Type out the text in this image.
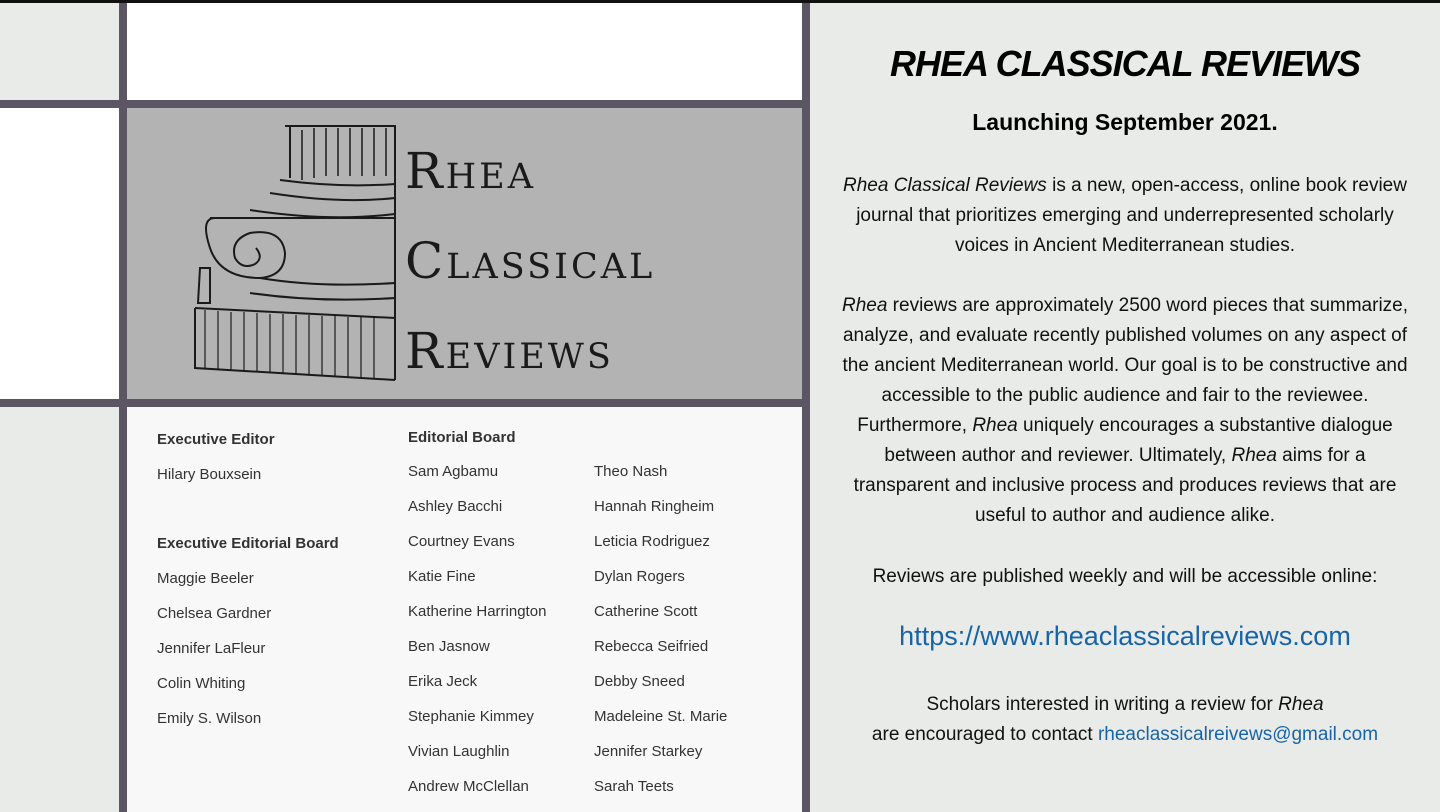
Rhea
Classical
Reviews
Executive Editor
Hilary Bouxsein
Executive Editorial Board
Maggie Beeler
Chelsea Gardner
Jennifer LaFleur
Colin Whiting
Emily S. Wilson
Editorial Board
Sam Agbamu
Ashley Bacchi
Courtney Evans
Katie Fine
Katherine Harrington
Ben Jasnow
Erika Jeck
Stephanie Kimmey
Vivian Laughlin
Andrew McClellan
Theo Nash
Hannah Ringheim
Leticia Rodriguez
Dylan Rogers
Catherine Scott
Rebecca Seifried
Debby Sneed
Madeleine St. Marie
Jennifer Starkey
Sarah Teets
RHEA CLASSICAL REVIEWS
Launching September 2021.
Rhea Classical Reviews is a new, open-access, online book review journal that prioritizes emerging and underrepresented scholarly voices in Ancient Mediterranean studies.
Rhea reviews are approximately 2500 word pieces that summarize, analyze, and evaluate recently published volumes on any aspect of the ancient Mediterranean world. Our goal is to be constructive and accessible to the public audience and fair to the reviewee. Furthermore, Rhea uniquely encourages a substantive dialogue between author and reviewer. Ultimately, Rhea aims for a transparent and inclusive process and produces reviews that are useful to author and audience alike.
Reviews are published weekly and will be accessible online:
https://www.rheaclassicalreviews.com
Scholars interested in writing a review for Rhea
are encouraged to contact rheaclassicalreivews@gmail.com
